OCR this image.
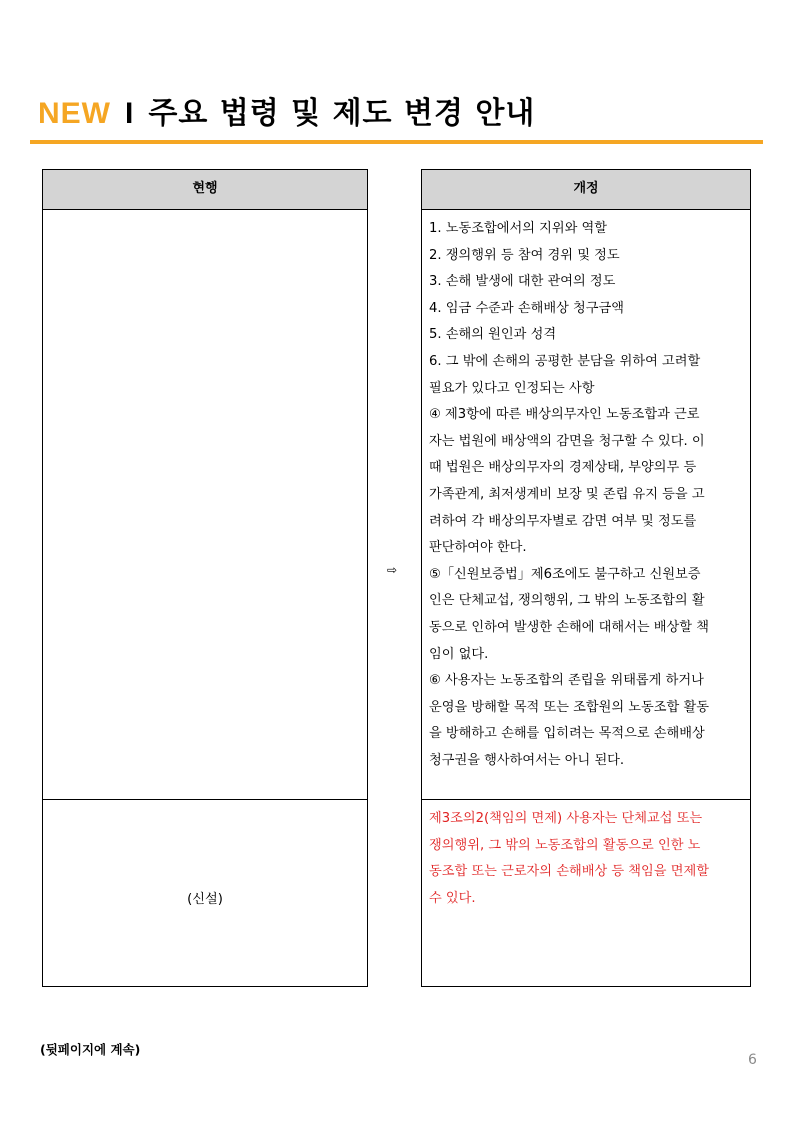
NEW I 주요 법령 및 제도 변경 안내
현행
(신설)
⇨
개정
1. 노동조합에서의 지위와 역할
2. 쟁의행위 등 참여 경위 및 정도
3. 손해 발생에 대한 관여의 정도
4. 임금 수준과 손해배상 청구금액
5. 손해의 원인과 성격
6. 그 밖에 손해의 공평한 분담을 위하여 고려할
필요가 있다고 인정되는 사항
④ 제3항에 따른 배상의무자인 노동조합과 근로
자는 법원에 배상액의 감면을 청구할 수 있다. 이
때 법원은 배상의무자의 경제상태, 부양의무 등
가족관계, 최저생계비 보장 및 존립 유지 등을 고
려하여 각 배상의무자별로 감면 여부 및 정도를
판단하여야 한다.
⑤「신원보증법」제6조에도 불구하고 신원보증
인은 단체교섭, 쟁의행위, 그 밖의 노동조합의 활
동으로 인하여 발생한 손해에 대해서는 배상할 책
임이 없다.
⑥ 사용자는 노동조합의 존립을 위태롭게 하거나
운영을 방해할 목적 또는 조합원의 노동조합 활동
을 방해하고 손해를 입히려는 목적으로 손해배상
청구권을 행사하여서는 아니 된다.
제3조의2(책임의 면제) 사용자는 단체교섭 또는
쟁의행위, 그 밖의 노동조합의 활동으로 인한 노
동조합 또는 근로자의 손해배상 등 책임을 면제할
수 있다.
(뒷페이지에 계속)
6
